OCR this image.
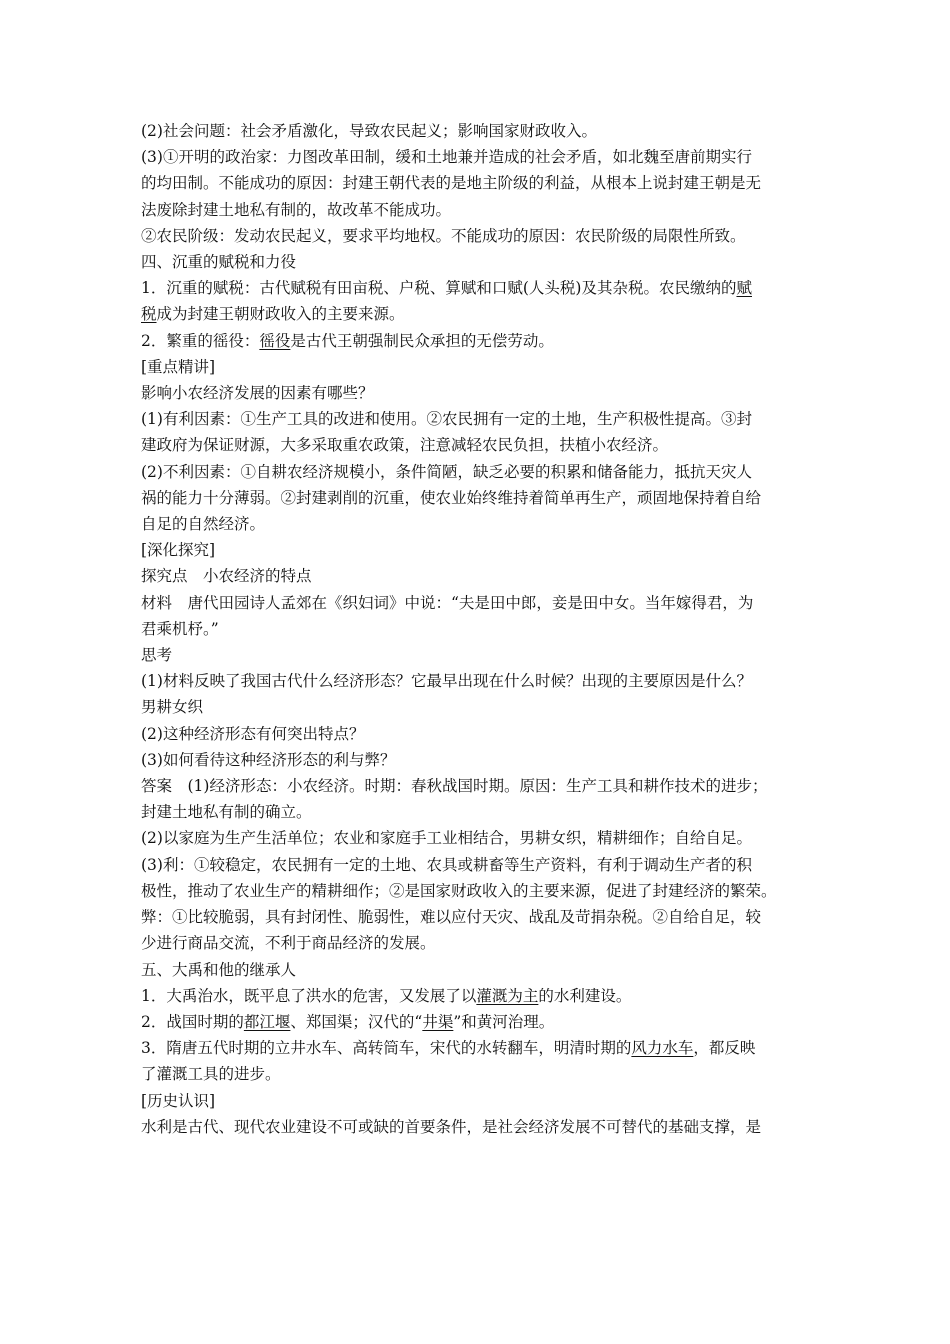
(2)社会问题：社会矛盾激化，导致农民起义；影响国家财政收入。
(3)①开明的政治家：力图改革田制，缓和土地兼并造成的社会矛盾，如北魏至唐前期实行
的均田制。不能成功的原因：封建王朝代表的是地主阶级的利益，从根本上说封建王朝是无
法废除封建土地私有制的，故改革不能成功。
②农民阶级：发动农民起义，要求平均地权。不能成功的原因：农民阶级的局限性所致。
四、沉重的赋税和力役
1．沉重的赋税：古代赋税有田亩税、户税、算赋和口赋(人头税)及其杂税。农民缴纳的赋
税成为封建王朝财政收入的主要来源。
2．繁重的徭役：徭役是古代王朝强制民众承担的无偿劳动。
[重点精讲]
影响小农经济发展的因素有哪些？
(1)有利因素：①生产工具的改进和使用。②农民拥有一定的土地，生产积极性提高。③封
建政府为保证财源，大多采取重农政策，注意减轻农民负担，扶植小农经济。
(2)不利因素：①自耕农经济规模小，条件简陋，缺乏必要的积累和储备能力，抵抗天灾人
祸的能力十分薄弱。②封建剥削的沉重，使农业始终维持着简单再生产，顽固地保持着自给
自足的自然经济。
[深化探究]
探究点　小农经济的特点
材料　唐代田园诗人孟郊在《织妇词》中说：“夫是田中郎，妾是田中女。当年嫁得君，为
君乘机杼。”
思考
(1)材料反映了我国古代什么经济形态？它最早出现在什么时候？出现的主要原因是什么？
男耕女织
(2)这种经济形态有何突出特点？
(3)如何看待这种经济形态的利与弊？
答案　(1)经济形态：小农经济。时期：春秋战国时期。原因：生产工具和耕作技术的进步；
封建土地私有制的确立。
(2)以家庭为生产生活单位；农业和家庭手工业相结合，男耕女织，精耕细作；自给自足。
(3)利：①较稳定，农民拥有一定的土地、农具或耕畜等生产资料，有利于调动生产者的积
极性，推动了农业生产的精耕细作；②是国家财政收入的主要来源，促进了封建经济的繁荣。
弊：①比较脆弱，具有封闭性、脆弱性，难以应付天灾、战乱及苛捐杂税。②自给自足，较
少进行商品交流，不利于商品经济的发展。
五、大禹和他的继承人
1．大禹治水，既平息了洪水的危害，又发展了以灌溉为主的水利建设。
2．战国时期的都江堰、郑国渠；汉代的“井渠”和黄河治理。
3．隋唐五代时期的立井水车、高转筒车，宋代的水转翻车，明清时期的风力水车，都反映
了灌溉工具的进步。
[历史认识]
水利是古代、现代农业建设不可或缺的首要条件，是社会经济发展不可替代的基础支撑，是
